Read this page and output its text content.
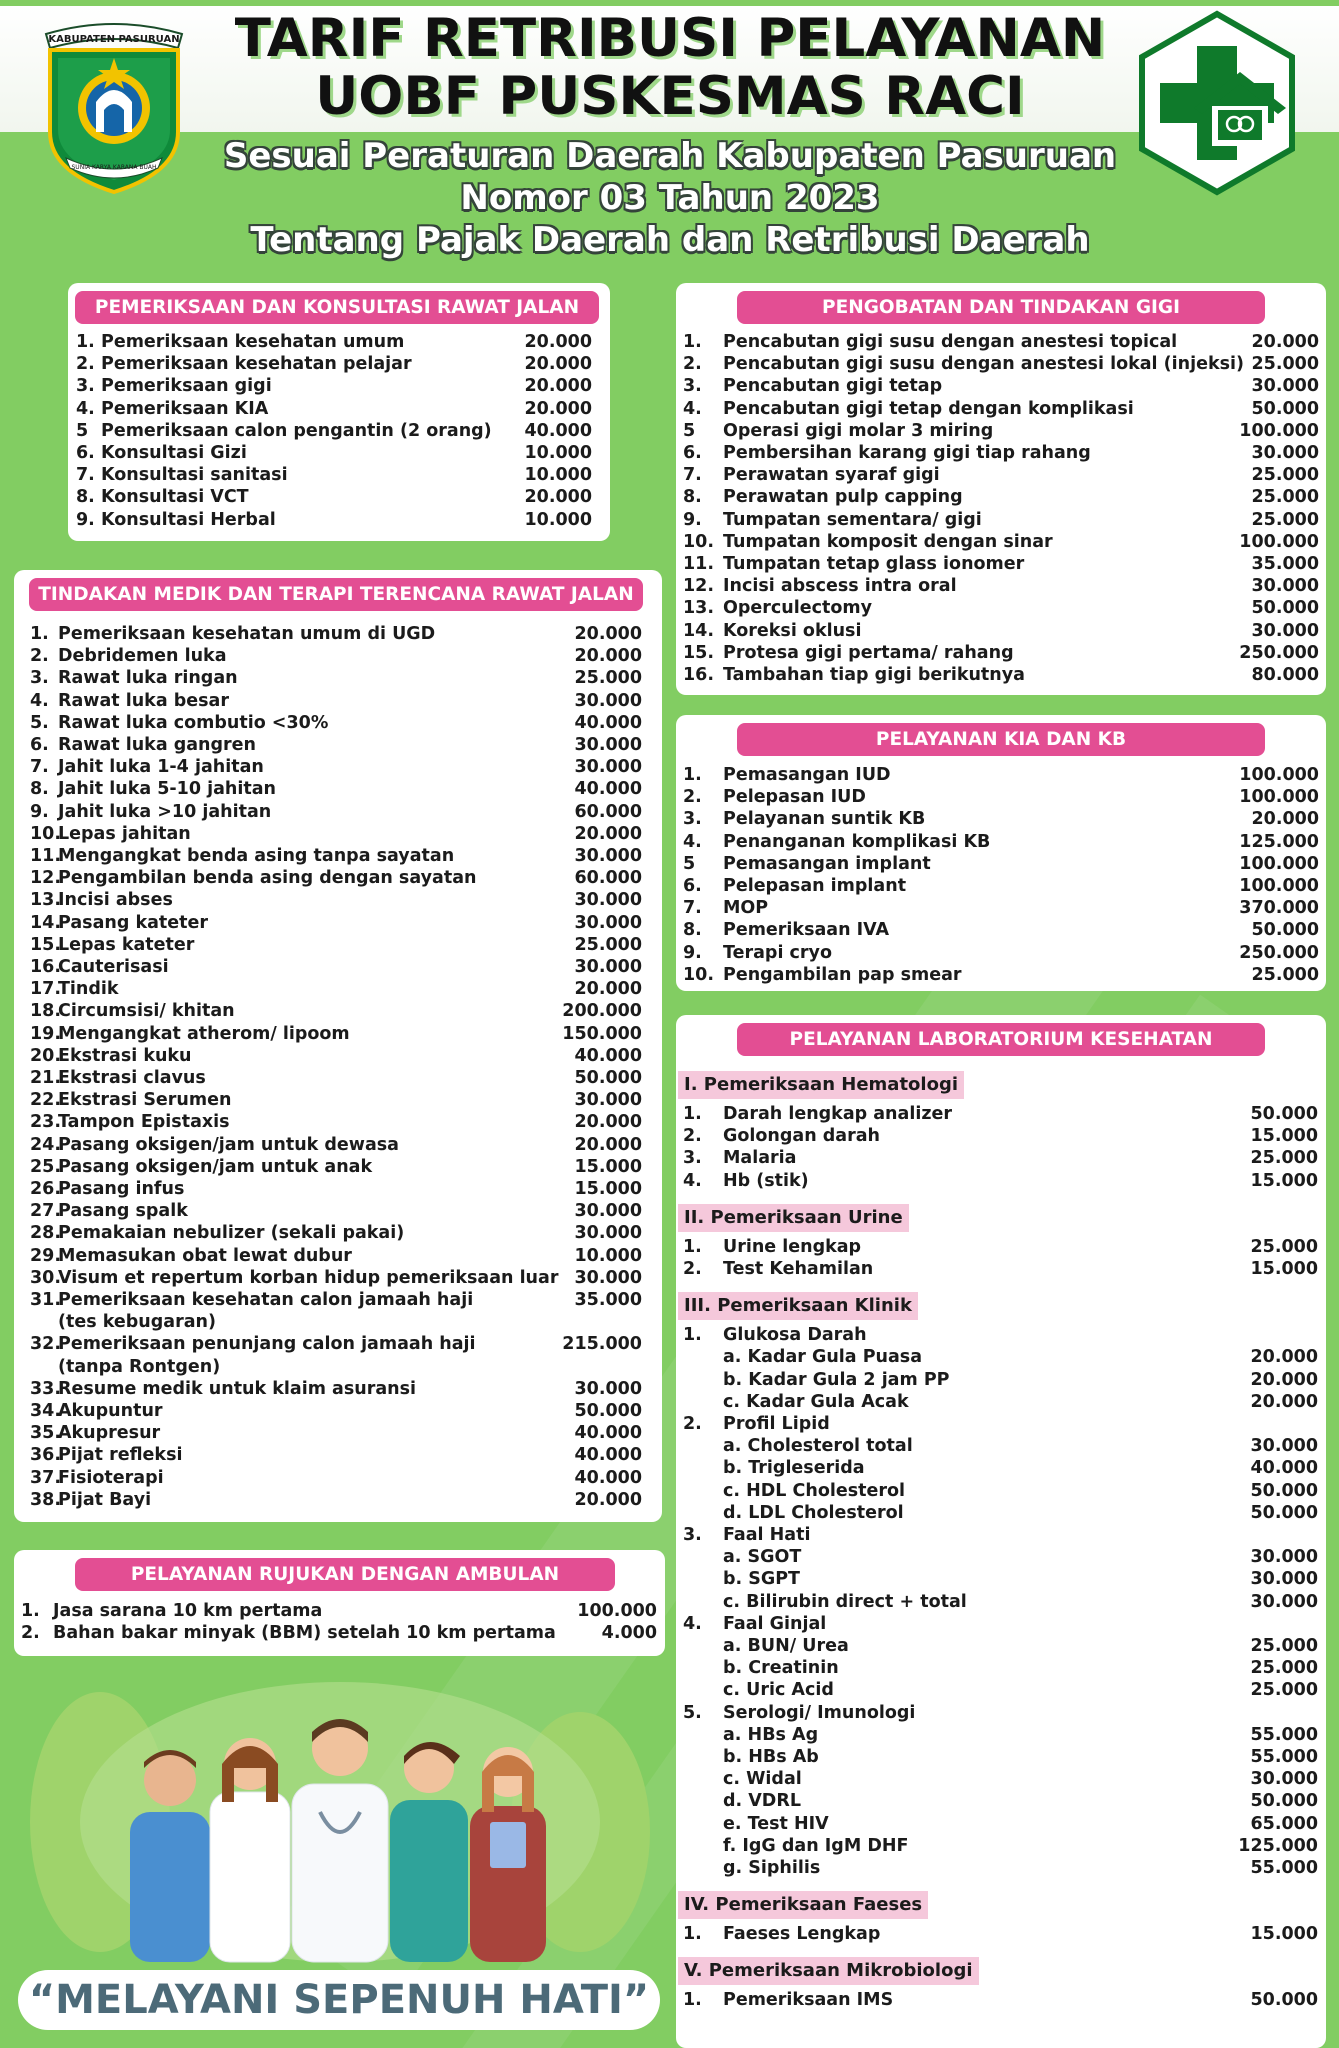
KABUPATEN PASURUAN
SUNIA KARYA KARANA BUAH
TARIF RETRIBUSI PELAYANAN
UOBF PUSKESMAS RACI
Sesuai Peraturan Daerah Kabupaten Pasuruan
Nomor 03 Tahun 2023
Tentang Pajak Daerah dan Retribusi Daerah
PEMERIKSAAN DAN KONSULTASI RAWAT JALAN
1. Pemeriksaan kesehatan umum	20.000
2. Pemeriksaan kesehatan pelajar	20.000
3. Pemeriksaan gigi	20.000
4. Pemeriksaan KIA	20.000
5 Pemeriksaan calon pengantin (2 orang) 40.000
6. Konsultasi Gizi	10.000
7. Konsultasi sanitasi	10.000
8. Konsultasi VCT	20.000
9. Konsultasi Herbal	10.000
TINDAKAN MEDIK DAN TERAPI TERENCANA RAWAT JALAN
1. Pemeriksaan kesehatan umum di UGD	20.000
2. Debridemen luka	20.000
3. Rawat luka ringan	25.000
4. Rawat luka besar	30.000
5. Rawat luka combutio <30%	40.000
6. Rawat luka gangren	30.000
7. Jahit luka 1-4 jahitan	30.000
8. Jahit luka 5-10 jahitan	40.000
9. Jahit luka >10 jahitan	60.000
10.
Lepas jahitan	20.000
11.
Mengangkat benda asing tanpa sayatan	30.000
12.
Pengambilan benda asing dengan sayatan	60.000
13.
Incisi abses	30.000
14.
Pasang kateter	30.000
15.
Lepas kateter	25.000
16.
Cauterisasi	30.000
17.
Tindik	20.000
18.
Circumsisi/ khitan	200.000
19.
Mengangkat atherom/ lipoom	150.000
20.
Ekstrasi kuku	40.000
21.
Ekstrasi clavus	50.000
22.
Ekstrasi Serumen	30.000
23.
Tampon Epistaxis	20.000
24.
Pasang oksigen/jam untuk dewasa	20.000
25.
Pasang oksigen/jam untuk anak	15.000
26.
Pasang infus	15.000
27.
Pasang spalk	30.000
28.
Pemakaian nebulizer (sekali pakai)	30.000
29.
Memasukan obat lewat dubur	10.000
30.
Visum et repertum korban hidup pemeriksaan luar 30.000
31.
Pemeriksaan kesehatan calon jamaah haji	35.000
(tes kebugaran)
32.
Pemeriksaan penunjang calon jamaah haji	215.000
(tanpa Rontgen)
33.
Resume medik untuk klaim asuransi	30.000
34.
Akupuntur	50.000
35.
Akupresur	40.000
36.
Pijat refleksi	40.000
37.
Fisioterapi	40.000
38.
Pijat Bayi	20.000
PELAYANAN RUJUKAN DENGAN AMBULAN
1. Jasa sarana 10 km pertama	100.000
2. Bahan bakar minyak (BBM) setelah 10 km pertama	4.000
PENGOBATAN DAN TINDAKAN GIGI
1. Pencabutan gigi susu dengan anestesi topical	20.000
2. Pencabutan gigi susu dengan anestesi lokal (injeksi) 25.000
3. Pencabutan gigi tetap	30.000
4. Pencabutan gigi tetap dengan komplikasi	50.000
5 Operasi gigi molar 3 miring	100.000
6. Pembersihan karang gigi tiap rahang	30.000
7. Perawatan syaraf gigi	25.000
8. Perawatan pulp capping	25.000
9. Tumpatan sementara/ gigi	25.000
10. Tumpatan komposit dengan sinar	100.000
11. Tumpatan tetap glass ionomer	35.000
12. Incisi abscess intra oral	30.000
13. Operculectomy	50.000
14. Koreksi oklusi	30.000
15. Protesa gigi pertama/ rahang	250.000
16. Tambahan tiap gigi berikutnya	80.000
PELAYANAN KIA DAN KB
1. Pemasangan IUD	100.000
2. Pelepasan IUD	100.000
3. Pelayanan suntik KB	20.000
4. Penanganan komplikasi KB	125.000
5 Pemasangan implant	100.000
6. Pelepasan implant	100.000
7. MOP	370.000
8. Pemeriksaan IVA	50.000
9. Terapi cryo	250.000
10. Pengambilan pap smear	25.000
PELAYANAN LABORATORIUM KESEHATAN
I. Pemeriksaan Hematologi
1. Darah lengkap analizer	50.000
2. Golongan darah	15.000
3. Malaria	25.000
4. Hb (stik)	15.000
II. Pemeriksaan Urine
1. Urine lengkap	25.000
2. Test Kehamilan	15.000
III. Pemeriksaan Klinik
1. Glukosa Darah
a. Kadar Gula Puasa	20.000
b. Kadar Gula 2 jam PP	20.000
c. Kadar Gula Acak	20.000
2. Profil Lipid
a. Cholesterol total	30.000
b. Trigleserida	40.000
c. HDL Cholesterol	50.000
d. LDL Cholesterol	50.000
3. Faal Hati
a. SGOT	30.000
b. SGPT	30.000
c. Bilirubin direct + total	30.000
4. Faal Ginjal
a. BUN/ Urea	25.000
b. Creatinin	25.000
c. Uric Acid	25.000
5. Serologi/ Imunologi
a. HBs Ag	55.000
b. HBs Ab	55.000
c. Widal	30.000
d. VDRL	50.000
e. Test HIV	65.000
f. IgG dan IgM DHF	125.000
g. Siphilis	55.000
IV. Pemeriksaan Faeses
1. Faeses Lengkap	15.000
V. Pemeriksaan Mikrobiologi
1. Pemeriksaan IMS	50.000
“MELAYANI SEPENUH HATI”
